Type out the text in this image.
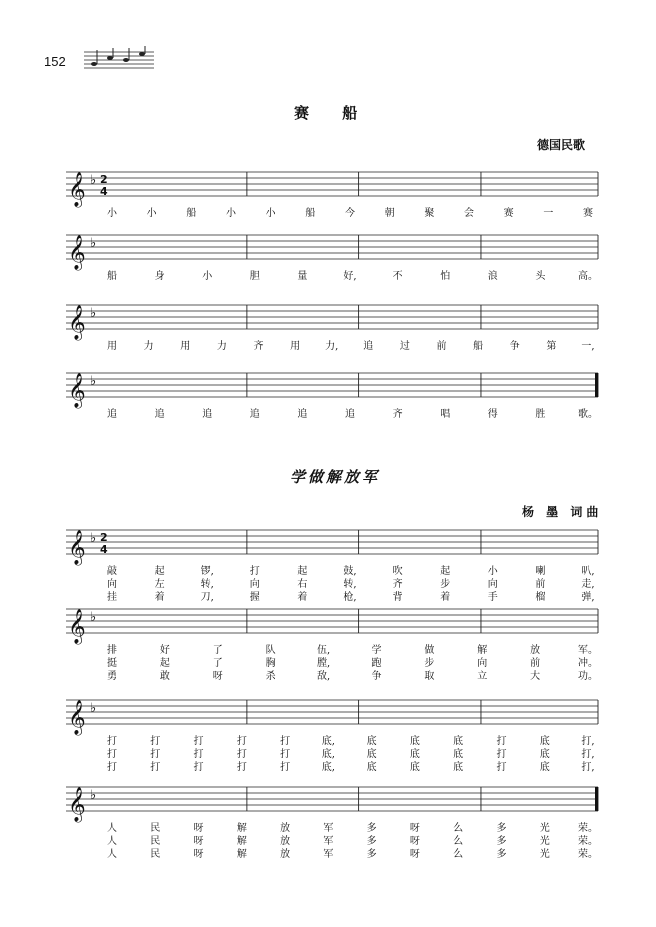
152
赛 船
德国民歌
学做解放军
杨 墨 词曲
𝄞 ♭ 2
4
小	小	船	小	小	船	今	朝	聚	会	赛	一	赛
𝄞 ♭
船	身	小	胆	量	好,	不	怕	浪	头	高。
𝄞 ♭
用	力	用	力	齐	用	力,	追	过	前	船	争	第	一,
𝄞 ♭
追	追	追	追	追	追	齐	唱	得	胜	歌。
𝄞 ♭ 2
4
敲	起	锣,	打	起	鼓,	吹	起	小	喇	叭,
向	左	转,	向	右	转,	齐	步	向	前	走,
挂	着	刀,	握	着	枪,	背	着	手	榴	弹,
𝄞 ♭
排	好	了	队	伍,	学	做	解	放	军。
挺	起	了	胸	膛,	跑	步	向	前	冲。
勇	敢	呀	杀	敌,	争	取	立	大	功。
𝄞 ♭
打	打	打	打	打	底,	底	底	底	打	底	打,
打	打	打	打	打	底,	底	底	底	打	底	打,
打	打	打	打	打	底,	底	底	底	打	底	打,
𝄞 ♭
人	民	呀	解	放	军	多	呀	么	多	光	荣。
人	民	呀	解	放	军	多	呀	么	多	光	荣。
人	民	呀	解	放	军	多	呀	么	多	光	荣。
